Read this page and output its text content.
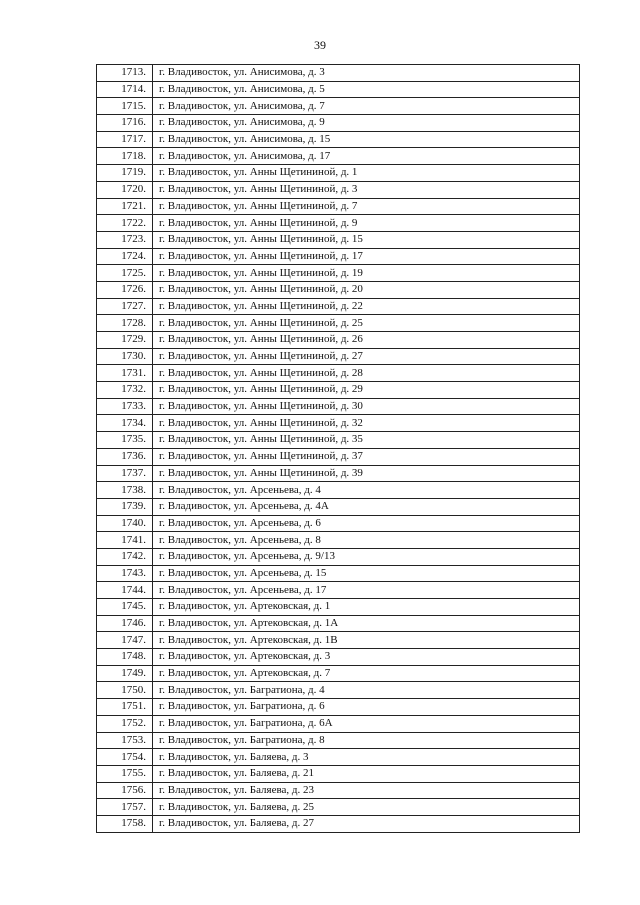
39
1713.	г. Владивосток, ул. Анисимова, д. 3
1714.	г. Владивосток, ул. Анисимова, д. 5
1715.	г. Владивосток, ул. Анисимова, д. 7
1716.	г. Владивосток, ул. Анисимова, д. 9
1717.	г. Владивосток, ул. Анисимова, д. 15
1718.	г. Владивосток, ул. Анисимова, д. 17
1719.	г. Владивосток, ул. Анны Щетининой, д. 1
1720.	г. Владивосток, ул. Анны Щетининой, д. 3
1721.	г. Владивосток, ул. Анны Щетининой, д. 7
1722.	г. Владивосток, ул. Анны Щетининой, д. 9
1723.	г. Владивосток, ул. Анны Щетининой, д. 15
1724.	г. Владивосток, ул. Анны Щетининой, д. 17
1725.	г. Владивосток, ул. Анны Щетининой, д. 19
1726.	г. Владивосток, ул. Анны Щетининой, д. 20
1727.	г. Владивосток, ул. Анны Щетининой, д. 22
1728.	г. Владивосток, ул. Анны Щетининой, д. 25
1729.	г. Владивосток, ул. Анны Щетининой, д. 26
1730.	г. Владивосток, ул. Анны Щетининой, д. 27
1731.	г. Владивосток, ул. Анны Щетининой, д. 28
1732.	г. Владивосток, ул. Анны Щетининой, д. 29
1733.	г. Владивосток, ул. Анны Щетининой, д. 30
1734.	г. Владивосток, ул. Анны Щетининой, д. 32
1735.	г. Владивосток, ул. Анны Щетининой, д. 35
1736.	г. Владивосток, ул. Анны Щетининой, д. 37
1737.	г. Владивосток, ул. Анны Щетининой, д. 39
1738.	г. Владивосток, ул. Арсеньева, д. 4
1739.	г. Владивосток, ул. Арсеньева, д. 4А
1740.	г. Владивосток, ул. Арсеньева, д. 6
1741.	г. Владивосток, ул. Арсеньева, д. 8
1742.	г. Владивосток, ул. Арсеньева, д. 9/13
1743.	г. Владивосток, ул. Арсеньева, д. 15
1744.	г. Владивосток, ул. Арсеньева, д. 17
1745.	г. Владивосток, ул. Артековская, д. 1
1746.	г. Владивосток, ул. Артековская, д. 1А
1747.	г. Владивосток, ул. Артековская, д. 1В
1748.	г. Владивосток, ул. Артековская, д. 3
1749.	г. Владивосток, ул. Артековская, д. 7
1750.	г. Владивосток, ул. Багратиона, д. 4
1751.	г. Владивосток, ул. Багратиона, д. 6
1752.	г. Владивосток, ул. Багратиона, д. 6А
1753.	г. Владивосток, ул. Багратиона, д. 8
1754.	г. Владивосток, ул. Баляева, д. 3
1755.	г. Владивосток, ул. Баляева, д. 21
1756.	г. Владивосток, ул. Баляева, д. 23
1757.	г. Владивосток, ул. Баляева, д. 25
1758.	г. Владивосток, ул. Баляева, д. 27
